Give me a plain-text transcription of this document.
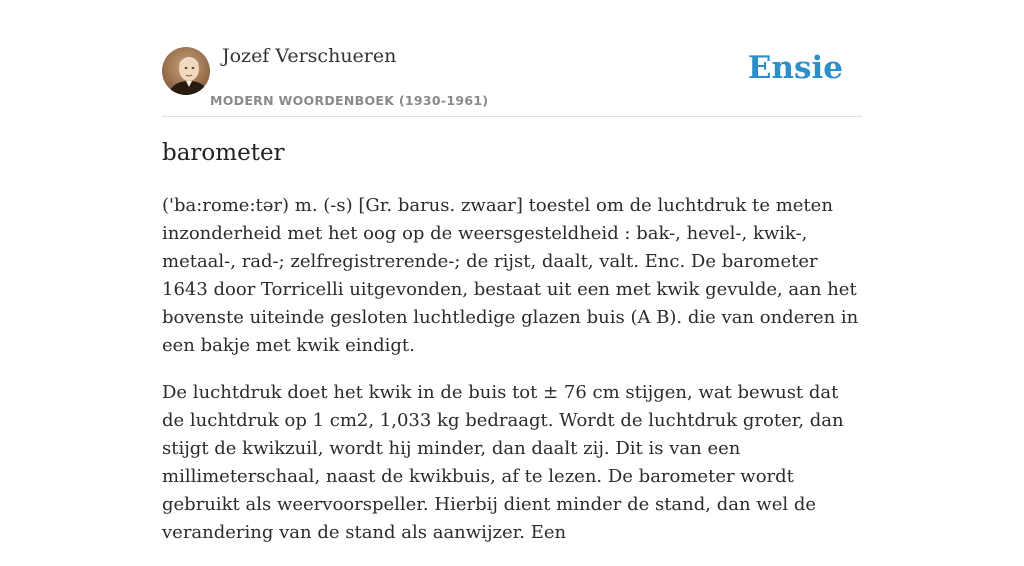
Jozef Verschueren
MODERN WOORDENBOEK (1930-1961)
Ensie
barometer

('ba:rome:tər) m. (-s) [Gr. barus. zwaar] toestel om de luchtdruk te meten inzonderheid met het oog op de weersgesteldheid : bak-, hevel-, kwik-, metaal-, rad-; zelfregistrerende-; de rijst, daalt, valt. Enc. De barometer 1643 door Torricelli uitgevonden, bestaat uit een met kwik gevulde, aan het bovenste uiteinde gesloten luchtledige glazen buis (A B). die van onderen in een bakje met kwik eindigt.

De luchtdruk doet het kwik in de buis tot ± 76 cm stijgen, wat bewust dat de luchtdruk op 1 cm2, 1,033 kg bedraagt. Wordt de luchtdruk groter, dan stijgt de kwikzuil, wordt hij minder, dan daalt zij. Dit is van een millimeterschaal, naast de kwikbuis, af te lezen. De barometer wordt gebruikt als weervoorspeller. Hierbij dient minder de stand, dan wel de verandering van de stand als aanwijzer. Een
